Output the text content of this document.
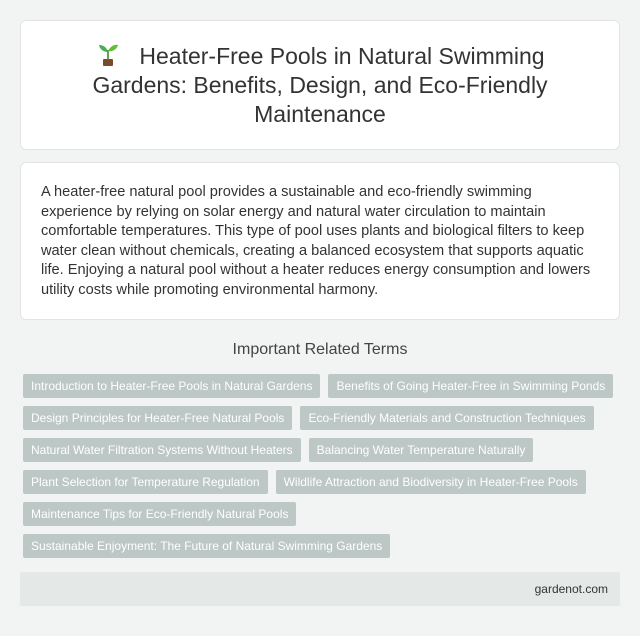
Heater-Free Pools in Natural Swimming Gardens: Benefits, Design, and Eco-Friendly Maintenance

A heater-free natural pool provides a sustainable and eco-friendly swimming experience by relying on solar energy and natural water circulation to maintain comfortable temperatures. This type of pool uses plants and biological filters to keep water clean without chemicals, creating a balanced ecosystem that supports aquatic life. Enjoying a natural pool without a heater reduces energy consumption and lowers utility costs while promoting environmental harmony.

Important Related Terms
Introduction to Heater-Free Pools in Natural Gardens	Benefits of Going Heater-Free in Swimming Ponds
Design Principles for Heater-Free Natural Pools	Eco-Friendly Materials and Construction Techniques
Natural Water Filtration Systems Without Heaters	Balancing Water Temperature Naturally
Plant Selection for Temperature Regulation	Wildlife Attraction and Biodiversity in Heater-Free Pools
Maintenance Tips for Eco-Friendly Natural Pools
Sustainable Enjoyment: The Future of Natural Swimming Gardens
gardenot.com
